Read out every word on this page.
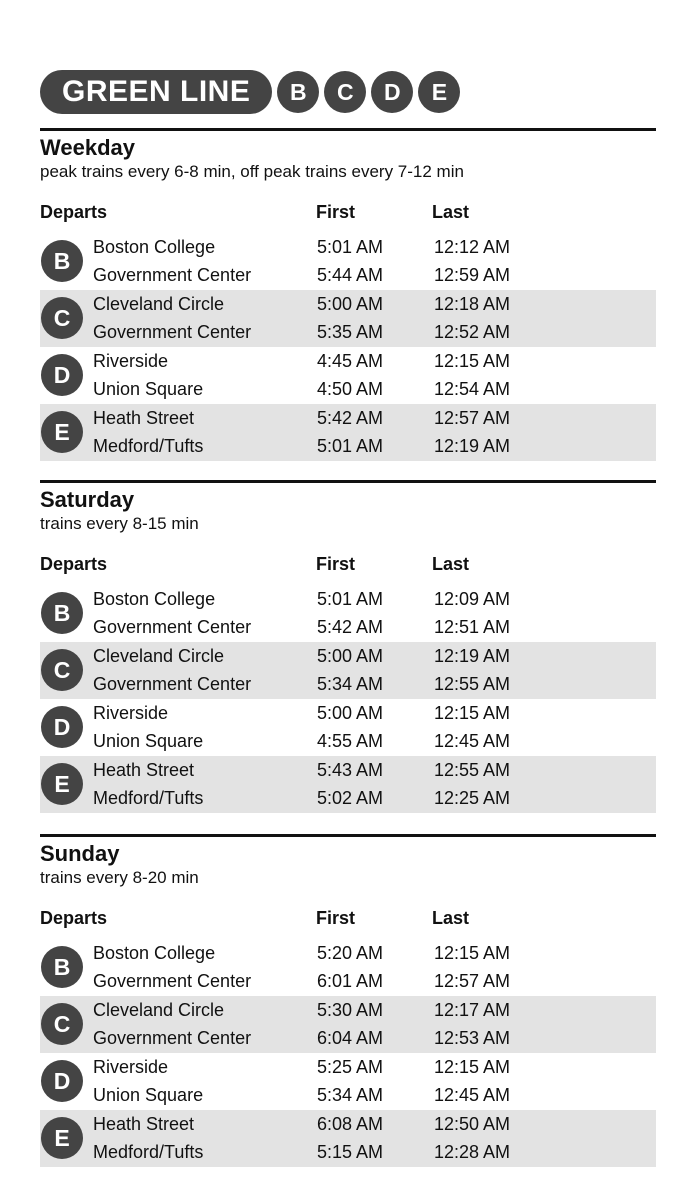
GREEN LINE	B	C	D	E
Weekday
peak trains every 6-8 min, off peak trains every 7-12 min
Departs	First	Last
B
Boston College	5:01 AM	12:12 AM
Government Center	5:44 AM	12:59 AM
C
Cleveland Circle	5:00 AM	12:18 AM
Government Center	5:35 AM	12:52 AM
D
Riverside	4:45 AM	12:15 AM
Union Square	4:50 AM	12:54 AM
E
Heath Street	5:42 AM	12:57 AM
Medford/Tufts	5:01 AM	12:19 AM
Saturday
trains every 8-15 min
Departs	First	Last
B
Boston College	5:01 AM	12:09 AM
Government Center	5:42 AM	12:51 AM
C
Cleveland Circle	5:00 AM	12:19 AM
Government Center	5:34 AM	12:55 AM
D
Riverside	5:00 AM	12:15 AM
Union Square	4:55 AM	12:45 AM
E
Heath Street	5:43 AM	12:55 AM
Medford/Tufts	5:02 AM	12:25 AM
Sunday
trains every 8-20 min
Departs	First	Last
B
Boston College	5:20 AM	12:15 AM
Government Center	6:01 AM	12:57 AM
C
Cleveland Circle	5:30 AM	12:17 AM
Government Center	6:04 AM	12:53 AM
D
Riverside	5:25 AM	12:15 AM
Union Square	5:34 AM	12:45 AM
E
Heath Street	6:08 AM	12:50 AM
Medford/Tufts	5:15 AM	12:28 AM
